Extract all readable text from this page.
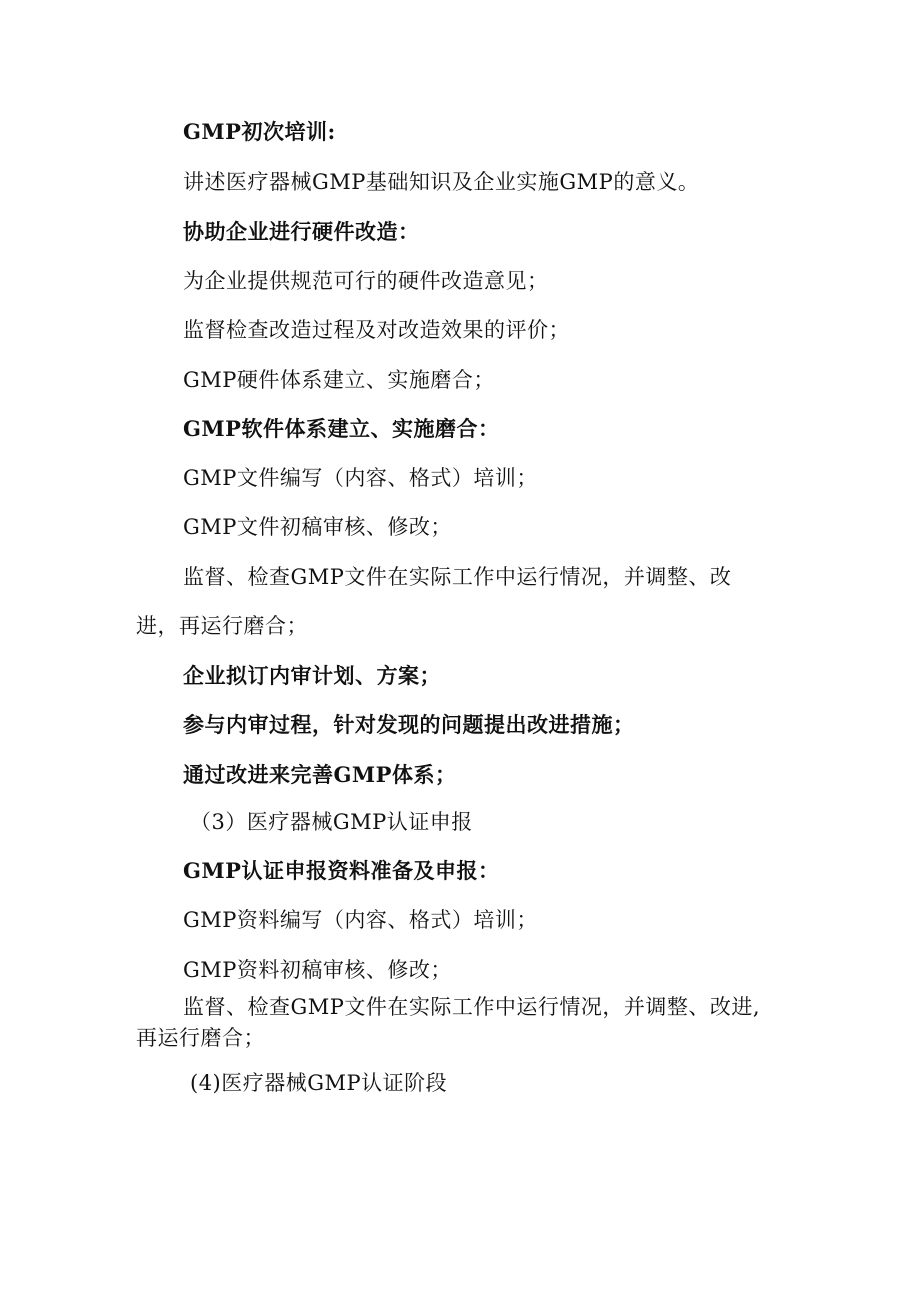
GMP初次培训:
讲述医疗器械GMP基础知识及企业实施GMP的意义。
协助企业进行硬件改造：
为企业提供规范可行的硬件改造意见；
监督检查改造过程及对改造效果的评价；
GMP硬件体系建立、实施磨合；
GMP软件体系建立、实施磨合：
GMP文件编写（内容、格式）培训；
GMP文件初稿审核、修改；
监督、检查GMP文件在实际工作中运行情况，并调整、改
进，再运行磨合；
企业拟订内审计划、方案；
参与内审过程，针对发现的问题提出改进措施；
通过改进来完善GMP体系；
（3）医疗器械GMP认证申报
GMP认证申报资料准备及申报：
GMP资料编写（内容、格式）培训；
GMP资料初稿审核、修改；
监督、检查GMP文件在实际工作中运行情况，并调整、改进,
再运行磨合；
(4)医疗器械GMP认证阶段
